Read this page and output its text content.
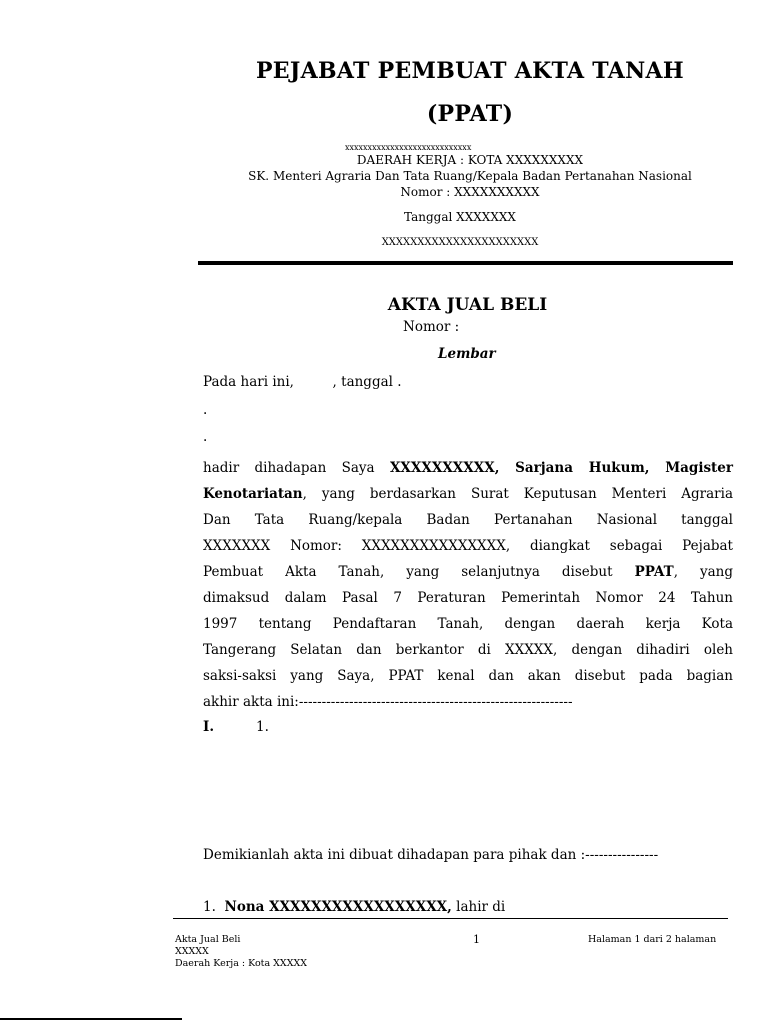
PEJABAT PEMBUAT AKTA TANAH
(PPAT)
xxxxxxxxxxxxxxxxxxxxxxxxxxxx
DAERAH KERJA : KOTA XXXXXXXXX
SK. Menteri Agraria Dan Tata Ruang/Kepala Badan Pertanahan Nasional
Nomor : XXXXXXXXXX
Tanggal XXXXXXX
XXXXXXXXXXXXXXXXXXXXXX
AKTA JUAL BELI
Nomor :
Lembar
Pada hari ini,         , tanggal .
.
.
hadir dihadapan Saya XXXXXXXXXX, Sarjana Hukum, Magister
Kenotariatan, yang berdasarkan Surat Keputusan Menteri Agraria
Dan Tata Ruang/kepala Badan Pertanahan Nasional tanggal
XXXXXXX Nomor: XXXXXXXXXXXXXXX, diangkat sebagai Pejabat
Pembuat Akta Tanah, yang selanjutnya disebut PPAT, yang
dimaksud dalam Pasal 7 Peraturan Pemerintah Nomor 24 Tahun
1997 tentang Pendaftaran Tanah, dengan daerah kerja Kota
Tangerang Selatan dan berkantor di XXXXX, dengan dihadiri oleh
saksi-saksi yang Saya, PPAT kenal dan akan disebut pada bagian
akhir akta ini:------------------------------------------------------------
I.	1.
Demikianlah akta ini dibuat dihadapan para pihak dan :----------------
1. Nona XXXXXXXXXXXXXXXXX, lahir di
Akta Jual Beli
XXXXX
Daerah Kerja : Kota XXXXX
1	Halaman 1 dari 2 halaman
